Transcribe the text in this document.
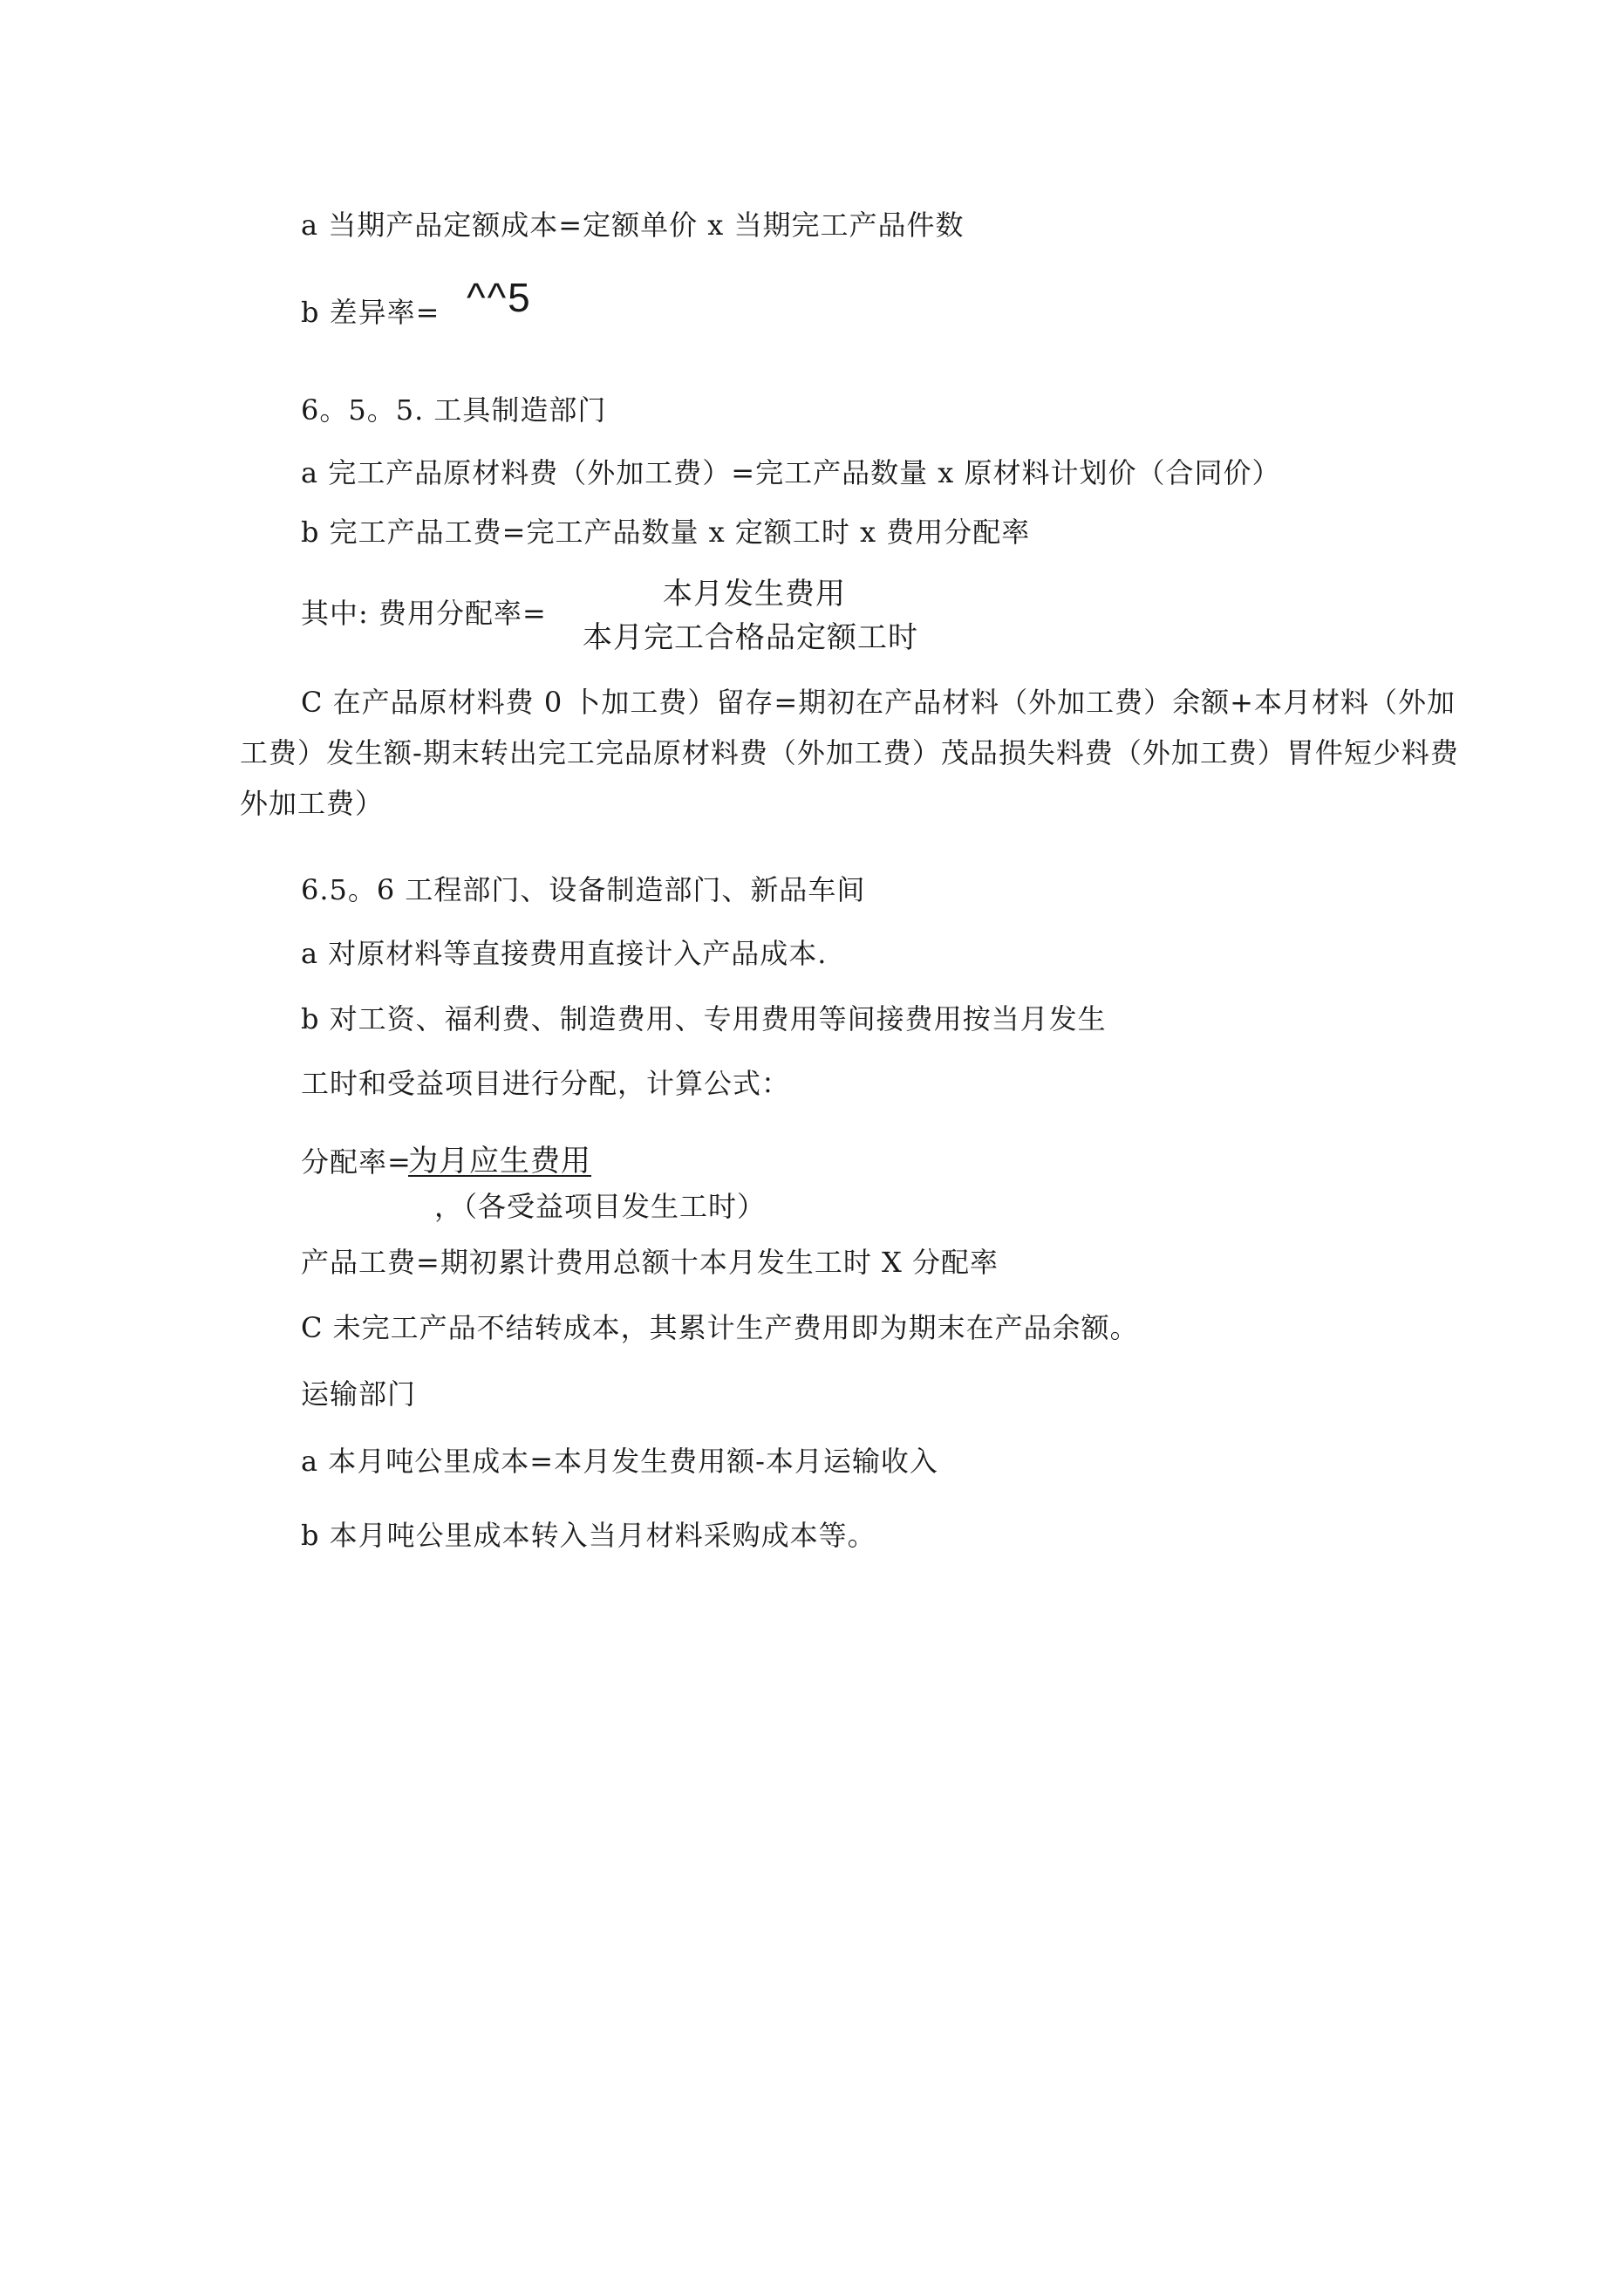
a 当期产品定额成本=定额单价 x 当期完工产品件数
b 差异率= ^^5
6。5。5. 工具制造部门
a 完工产品原材料费（外加工费）=完工产品数量 x 原材料计划价（合同价）
b 完工产品工费=完工产品数量 x 定额工时 x 费用分配率
其中: 费用分配率=
本月发生费用
本月完工合格品定额工时
C 在产品原材料费 0 卜加工费）留存=期初在产品材料（外加工费）余额+本月材料（外加工费）发生额-期末转出完工完品原材料费（外加工费）茂品损失料费（外加工费）胃件短少料费外加工费）
6.5。6 工程部门、设备制造部门、新品车间
a 对原材料等直接费用直接计入产品成本.
b 对工资、福利费、制造费用、专用费用等间接费用按当月发生
工时和受益项目进行分配，计算公式：
分配率=
为月应生费用
，（各受益项目发生工时）
产品工费=期初累计费用总额十本月发生工时 X 分配率
C 未完工产品不结转成本，其累计生产费用即为期末在产品余额。
运输部门
a 本月吨公里成本=本月发生费用额-本月运输收入
b 本月吨公里成本转入当月材料采购成本等。
